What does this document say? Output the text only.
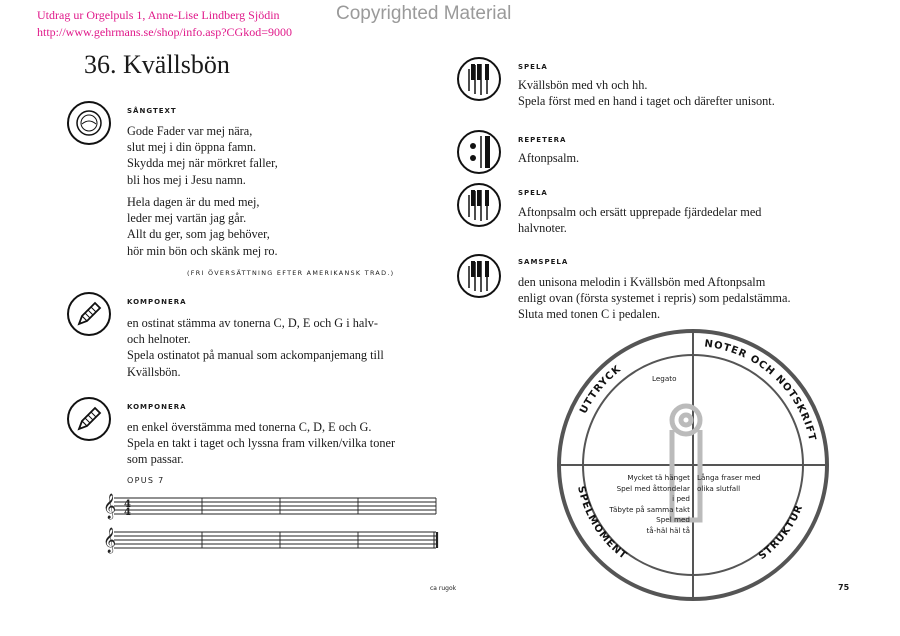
Utdrag ur Orgelpuls 1, Anne-Lise Lindberg Sjödin
http://www.gehrmans.se/shop/info.asp?CGkod=9000
Copyrighted Material
36. Kvällsbön
SÅNGTEXT
Gode Fader var mej nära,
slut mej i din öppna famn.
Skydda mej när mörkret faller,
bli hos mej i Jesu namn.
Hela dagen är du med mej,
leder mej vartän jag går.
Allt du ger, som jag behöver,
hör min bön och skänk mej ro.
(FRI ÖVERSÄTTNING EFTER AMERIKANSK TRAD.)
KOMPONERA
en ostinat stämma av tonerna C, D, E och G i halv-
och helnoter.
Spela ostinatot på manual som ackompanjemang till
Kvällsbön.
KOMPONERA
en enkel överstämma med tonerna C, D, E och G.
Spela en takt i taget och lyssna fram vilken/vilka toner
som passar.
OPUS 7
𝄞
𝄞
4
4
SPELA
Kvällsbön med vh och hh.
Spela först med en hand i taget och därefter unisont.
REPETERA
Aftonpsalm.
SPELA
Aftonpsalm och ersätt upprepade fjärdedelar med
halvnoter.
SAMSPELA
den unisona melodin i Kvällsbön med Aftonpsalm
enligt ovan (första systemet i repris) som pedalstämma.
Sluta med tonen C i pedalen.
UTTRYCK
NOTER OCH NOTSKRIFT
SPELMOMENT	STRUKTUR
Legato
Mycket tä hänget
Spel med åttondelar
i ped
Täbyte på samma takt
Spel med
tå-häl häl tå
Långa fraser med
olika slutfall
ca rugok	75
